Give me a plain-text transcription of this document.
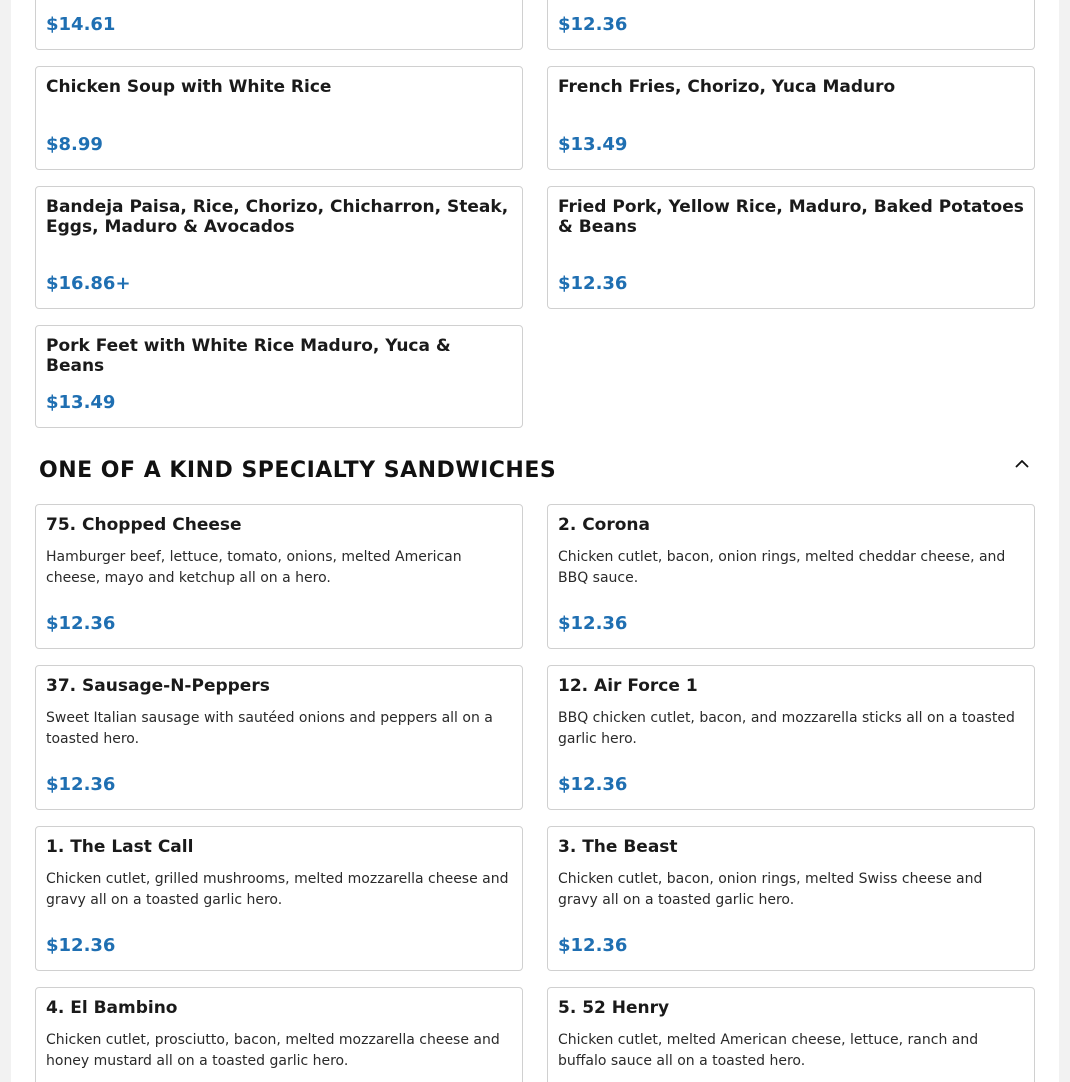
$14.61	$12.36
Chicken Soup with White Rice
$8.99
French Fries, Chorizo, Yuca Maduro
$13.49
Bandeja Paisa, Rice, Chorizo, Chicharron, Steak, Eggs, Maduro & Avocados
$16.86+
Fried Pork, Yellow Rice, Maduro, Baked Potatoes & Beans
$12.36
Pork Feet with White Rice Maduro, Yuca & Beans
$13.49
ONE OF A KIND SPECIALTY SANDWICHES
75. Chopped Cheese
Hamburger beef, lettuce, tomato, onions, melted American cheese, mayo and ketchup all on a hero.
$12.36
2. Corona
Chicken cutlet, bacon, onion rings, melted cheddar cheese, and BBQ sauce.
$12.36
37. Sausage-N-Peppers
Sweet Italian sausage with sautéed onions and peppers all on a toasted hero.
$12.36
12. Air Force 1
BBQ chicken cutlet, bacon, and mozzarella sticks all on a toasted garlic hero.
$12.36
1. The Last Call
Chicken cutlet, grilled mushrooms, melted mozzarella cheese and gravy all on a toasted garlic hero.
$12.36
3. The Beast
Chicken cutlet, bacon, onion rings, melted Swiss cheese and gravy all on a toasted garlic hero.
$12.36
4. El Bambino
Chicken cutlet, prosciutto, bacon, melted mozzarella cheese and honey mustard all on a toasted garlic hero.
5. 52 Henry
Chicken cutlet, melted American cheese, lettuce, ranch and buffalo sauce all on a toasted hero.
